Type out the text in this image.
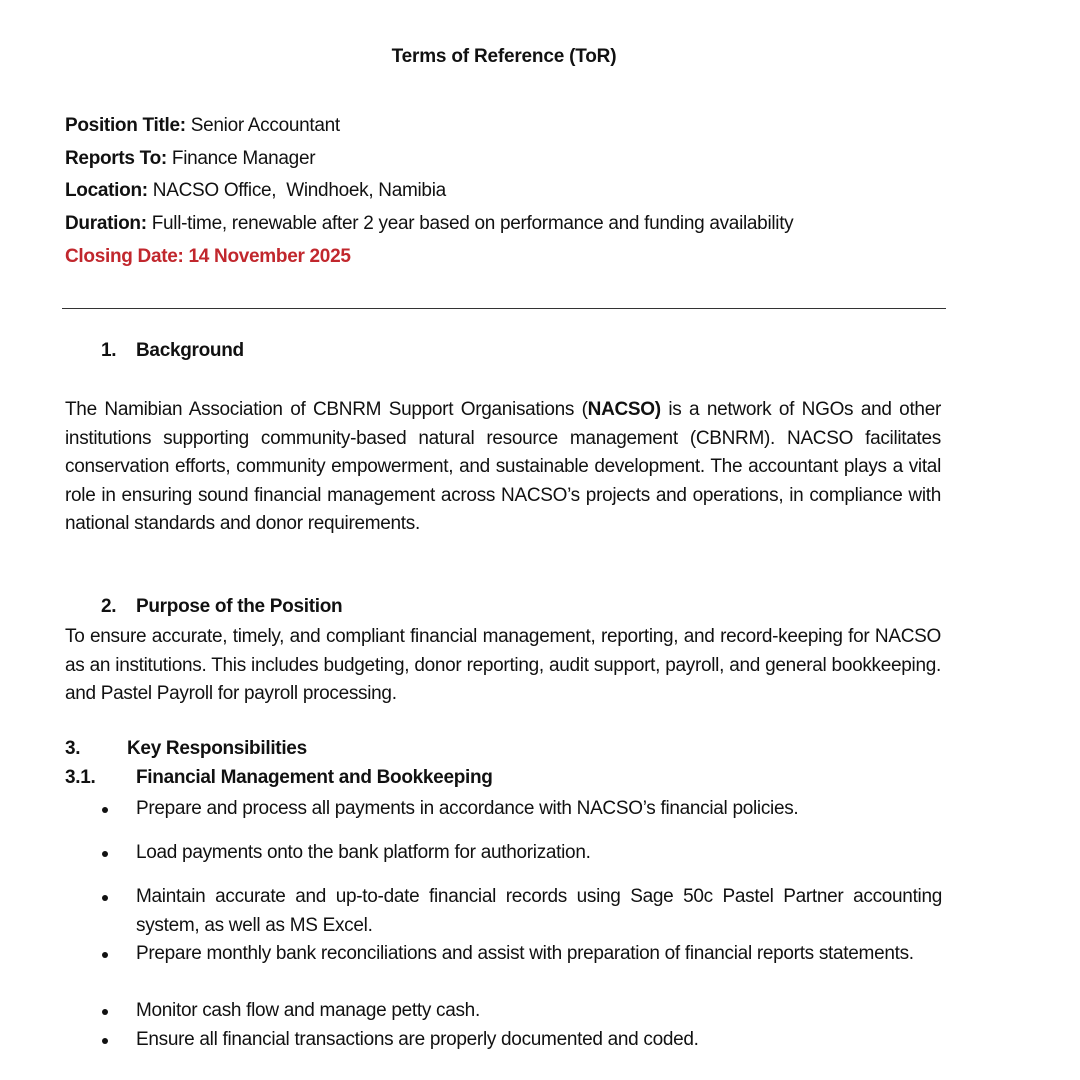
Terms of Reference (ToR)
Position Title: Senior Accountant
Reports To: Finance Manager
Location: NACSO Office,  Windhoek, Namibia
Duration: Full-time, renewable after 2 year based on performance and funding availability
Closing Date: 14 November 2025
1. Background
The Namibian Association of CBNRM Support Organisations (NACSO) is a network of NGOs and other institutions supporting community-based natural resource management (CBNRM). NACSO facilitates conservation efforts, community empowerment, and sustainable development. The accountant plays a vital role in ensuring sound financial management across NACSO’s projects and operations, in compliance with national standards and donor requirements.
2. Purpose of the Position
To ensure accurate, timely, and compliant financial management, reporting, and record-keeping for NACSO as an institutions. This includes budgeting, donor reporting, audit support, payroll, and general bookkeeping. and Pastel Payroll for payroll processing.
3. Key Responsibilities
3.1. Financial Management and Bookkeeping
Prepare and process all payments in accordance with NACSO’s financial policies.
Load payments onto the bank platform for authorization.
Maintain accurate and up-to-date financial records using Sage 50c Pastel Partner accounting system, as well as MS Excel.
Prepare monthly bank reconciliations and assist with preparation of financial reports statements.
Monitor cash flow and manage petty cash.
Ensure all financial transactions are properly documented and coded.
